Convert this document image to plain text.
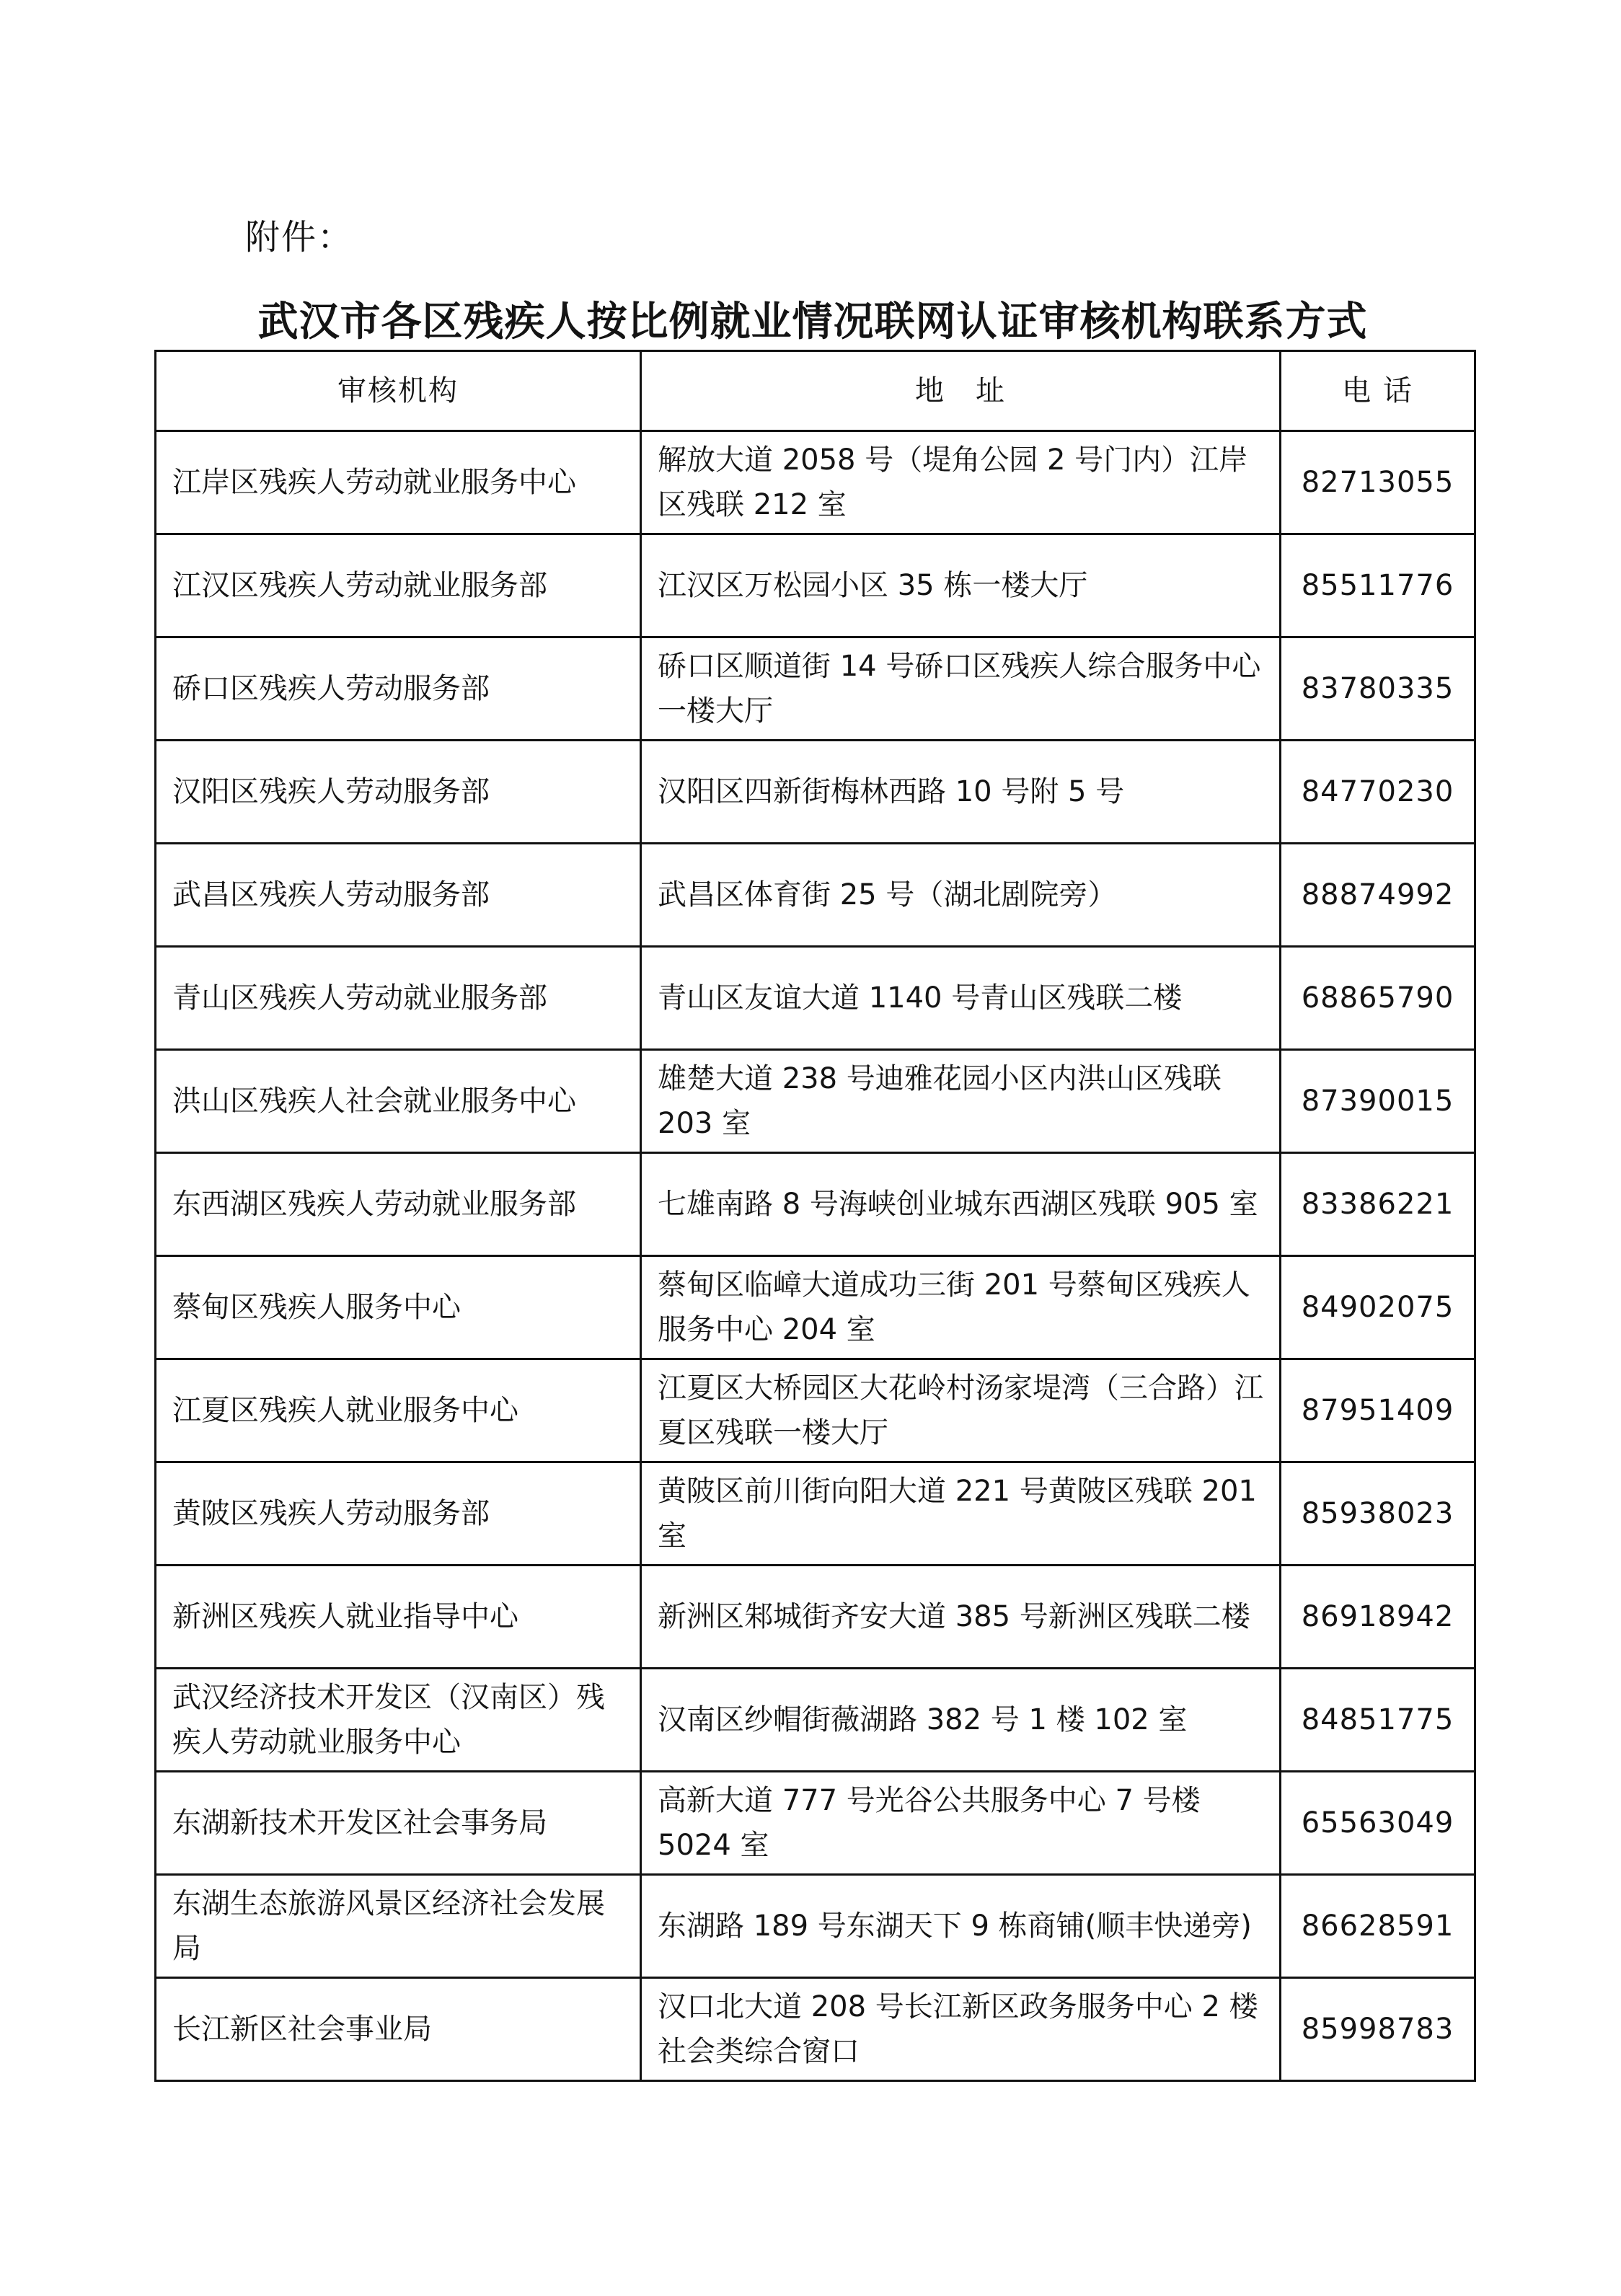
附件：
武汉市各区残疾人按比例就业情况联网认证审核机构联系方式
审核机构	地　址	电 话
江岸区残疾人劳动就业服务中心	解放大道 2058 号（堤角公园 2 号门内）江岸区残联 212 室	82713055
江汉区残疾人劳动就业服务部	江汉区万松园小区 35 栋一楼大厅	85511776
硚口区残疾人劳动服务部	硚口区顺道街 14 号硚口区残疾人综合服务中心一楼大厅	83780335
汉阳区残疾人劳动服务部	汉阳区四新街梅林西路 10 号附 5 号	84770230
武昌区残疾人劳动服务部	武昌区体育街 25 号（湖北剧院旁）	88874992
青山区残疾人劳动就业服务部	青山区友谊大道 1140 号青山区残联二楼	68865790
洪山区残疾人社会就业服务中心	雄楚大道 238 号迪雅花园小区内洪山区残联 203 室	87390015
东西湖区残疾人劳动就业服务部	七雄南路 8 号海峡创业城东西湖区残联 905 室	83386221
蔡甸区残疾人服务中心	蔡甸区临嶂大道成功三街 201 号蔡甸区残疾人服务中心 204 室	84902075
江夏区残疾人就业服务中心	江夏区大桥园区大花岭村汤家堤湾（三合路）江夏区残联一楼大厅	87951409
黄陂区残疾人劳动服务部	黄陂区前川街向阳大道 221 号黄陂区残联 201 室	85938023
新洲区残疾人就业指导中心	新洲区邾城街齐安大道 385 号新洲区残联二楼	86918942
武汉经济技术开发区（汉南区）残疾人劳动就业服务中心	汉南区纱帽街薇湖路 382 号 1 楼 102 室	84851775
东湖新技术开发区社会事务局	高新大道 777 号光谷公共服务中心 7 号楼 5024 室	65563049
东湖生态旅游风景区经济社会发展局	东湖路 189 号东湖天下 9 栋商铺(顺丰快递旁)	86628591
长江新区社会事业局	汉口北大道 208 号长江新区政务服务中心 2 楼社会类综合窗口	85998783
